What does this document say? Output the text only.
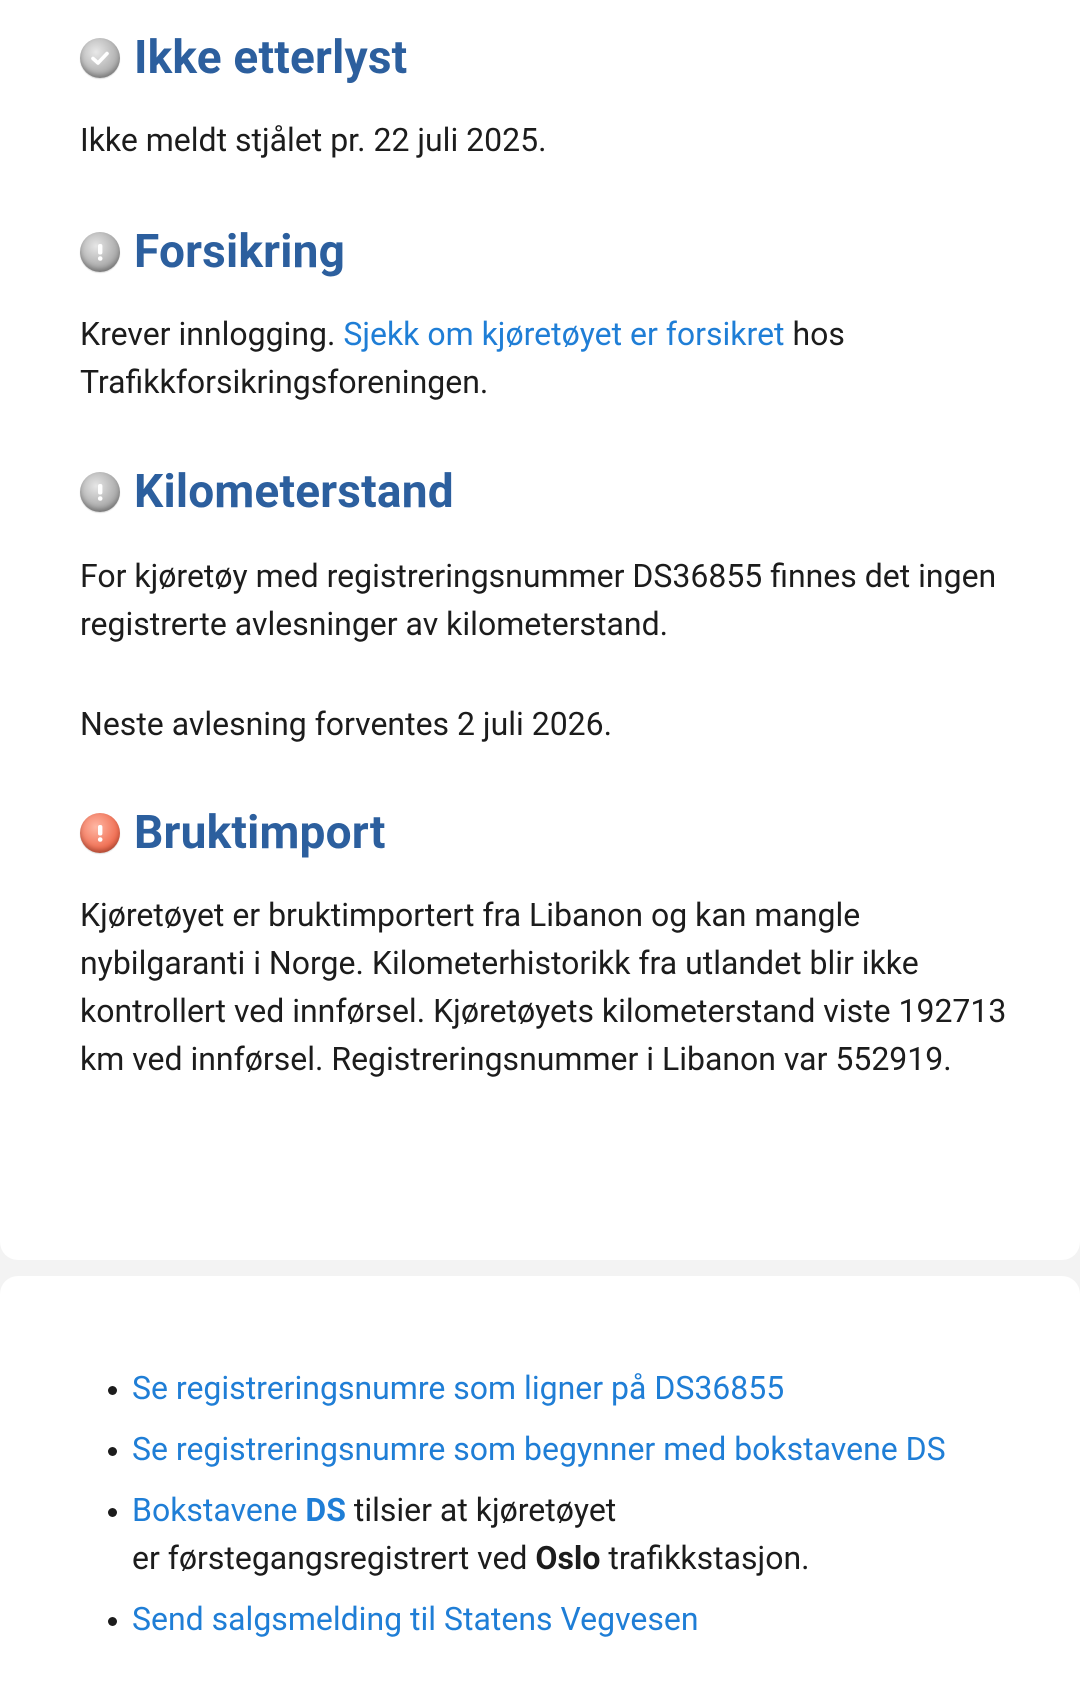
Ikke etterlyst

Ikke meldt stjålet pr. 22 juli 2025.

Forsikring

Krever innlogging. Sjekk om kjøretøyet er forsikret hos Trafikkforsikringsforeningen.

Kilometerstand

For kjøretøy med registreringsnummer DS36855 finnes det ingen registrerte avlesninger av kilometerstand.

Neste avlesning forventes 2 juli 2026.

Bruktimport

Kjøretøyet er bruktimportert fra Libanon og kan mangle nybilgaranti i Norge. Kilometerhistorikk fra utlandet blir ikke kontrollert ved innførsel. Kjøretøyets kilometerstand viste 192713 km ved innførsel. Registreringsnummer i Libanon var 552919.

• Se registreringsnumre som ligner på DS36855
• Se registreringsnumre som begynner med bokstavene DS
• Bokstavene DS tilsier at kjøretøyet
er førstegangsregistrert ved Oslo trafikkstasjon.
• Send salgsmelding til Statens Vegvesen
